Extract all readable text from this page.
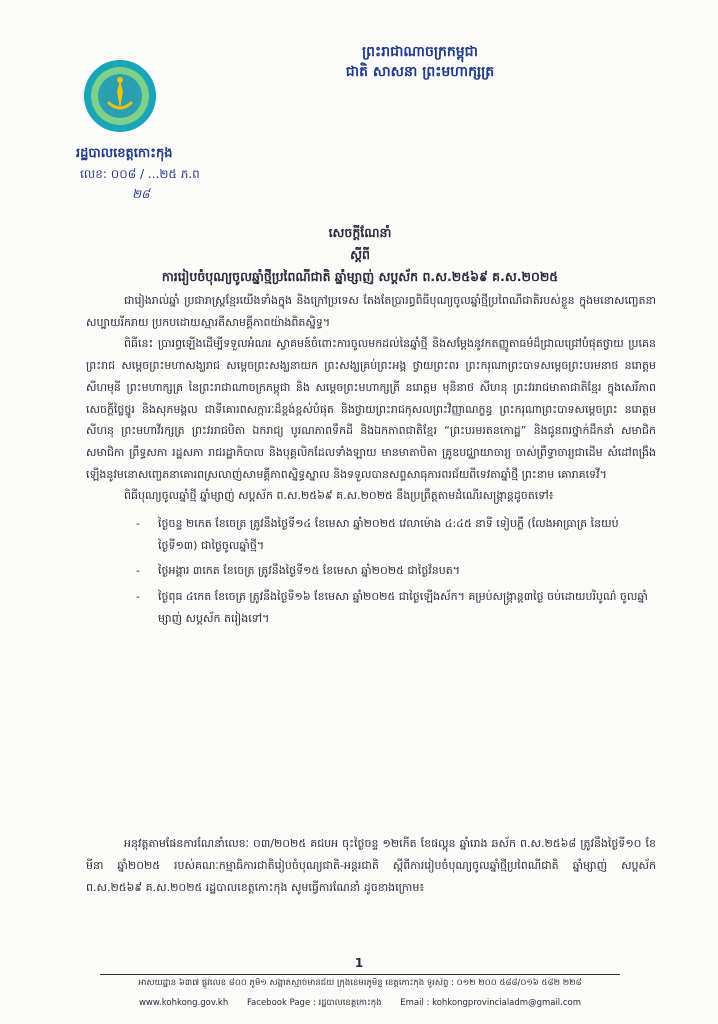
ព្រះរាជាណាចក្រកម្ពុជា
ជាតិ សាសនា ព្រះមហាក្សត្រ
រដ្ឋបាលខេត្តកោះកុង
លេខ: ០០៨ / ...២៥ ភ.ព
២៨
សេចក្តីណែនាំ
ស្តីពី
ការរៀបចំបុណ្យចូលឆ្នាំថ្មីប្រពៃណីជាតិ ឆ្នាំម្សាញ់ សប្តស័ក ព.ស.២៥៦៩ គ.ស.២០២៥

ជារៀងរាល់ឆ្នាំ ប្រជារាស្ត្រខ្មែរយើងទាំងក្នុង និងក្រៅប្រទេស តែងតែប្រារព្ធពិធីបុណ្យចូលឆ្នាំថ្មីប្រពៃណីជាតិរបស់ខ្លួន ក្នុងមនោសញ្ចេតនាសប្បាយរីករាយ ប្រកបដោយស្មារតីសាមគ្គីភាពយ៉ាងពិតស្និទ្ធ។

ពិធីនេះ ប្រារព្ធឡើងដើម្បីទទួលអំណរ ស្វាគមន៍ចំពោះការចូលមកដល់នៃឆ្នាំថ្មី និងសម្តែងនូវកតញ្ញូតាធម៌ដ៏ជ្រាលជ្រៅបំផុតថ្វាយ ប្រគេនព្រះរាជ សម្តេចព្រះមហាសង្ឃរាជ សម្តេចព្រះសង្ឃនាយក ព្រះសង្ឃគ្រប់ព្រះអង្គ ថ្វាយព្រះពរ ព្រះករុណាព្រះបាទសម្តេចព្រះបរមនាថ នរោត្តម សីហមុនី ព្រះមហាក្សត្រ នៃព្រះរាជាណាចក្រកម្ពុជា និង សម្តេចព្រះមហាក្សត្រី នរោត្តម មុនិនាថ សីហនុ ព្រះវររាជមាតាជាតិខ្មែរ ក្នុងសេរីភាព សេចក្តីថ្លៃថ្នូរ និងសុភមង្គល ជាទីគោរពសក្ការៈដ៏ខ្ពង់ខ្ពស់បំផុត និងថ្វាយព្រះរាជកុសលព្រះវិញ្ញាណក្ខន្ធ ព្រះករុណាព្រះបាទសម្តេចព្រះ នរោត្តម សីហនុ ព្រះមហាវីរក្សត្រ ព្រះវររាជបិតា ឯករាជ្យ បូរណភាពទឹកដី និងឯកភាពជាតិខ្មែរ “ព្រះបរមរតនកោដ្ឋ” និងជូនពរថ្នាក់ដឹកនាំ សមាជិក សមាជិកា ព្រឹទ្ធសភា រដ្ឋសភា រាជរដ្ឋាភិបាល និងបុគ្គលិកដែលទាំងឡាយ មានមាតាបិតា គ្រូឧបជ្ឈាយាចារ្យ ចាស់ព្រឹទ្ធាចារ្យជាដើម សំដៅពង្រឹងឡើងនូវមនោសញ្ចេតនាគោរពស្រលាញ់សាមគ្គីភាពស្និទ្ធស្នាល និងទទួលបានសព្ទសាធុការពរជ័យពីទេវតាឆ្នាំថ្មី ព្រះនាម គោរាគទេវី។

ពិធីបុណ្យចូលឆ្នាំថ្មី ឆ្នាំម្សាញ់ សប្តស័ក ព.ស.២៥៦៩ គ.ស.២០២៥ នឹងប្រព្រឹត្តតាមដំណើរសង្ក្រាន្តដូចតទៅ៖

- ថ្ងៃចន្ទ ២កេត ខែចេត្រ ត្រូវនឹងថ្ងៃទី១៤ ខែមេសា ឆ្នាំ២០២៥ វេលាម៉ោង ៤:៤៥ នាទី ទៀបភ្លឺ (លែងអាធ្រាត្រ នៃយប់ថ្ងៃទី១៣) ជាថ្ងៃចូលឆ្នាំថ្មី។
- ថ្ងៃអង្គារ ៣កេត ខែចេត្រ ត្រូវនឹងថ្ងៃទី១៥ ខែមេសា ឆ្នាំ២០២៥ ជាថ្ងៃវ័នបត។
- ថ្ងៃពុធ ៤កេត ខែចេត្រ ត្រូវនឹងថ្ងៃទី១៦ ខែមេសា ឆ្នាំ២០២៥ ជាថ្ងៃឡើងស័ក។ គម្រប់សង្ក្រាន្ត៣ថ្ងៃ ចប់ដោយបរិបូណ៌ ចូលឆ្នាំម្សាញ់ សប្តស័ក តរៀងទៅ។

អនុវត្តតាមផែនការណែនាំលេខៈ ០៣/២០២៥ គជបអ ចុះថ្ងៃចន្ទ ១២កើត ខែផល្គុន ឆ្នាំរោង ឆស័ក ព.ស.២៥៦៨ ត្រូវនឹងថ្ងៃទី១០ ខែមីនា ឆ្នាំ២០២៥ របស់គណៈកម្មាធិការជាតិរៀបចំបុណ្យជាតិ-អន្តរជាតិ ស្តីពីការរៀបចំបុណ្យចូលឆ្នាំថ្មីប្រពៃណីជាតិ ឆ្នាំម្សាញ់ សប្តស័ក ព.ស.២៥៦៩ គ.ស.២០២៥ រដ្ឋបាលខេត្តកោះកុង សូមធ្វើការណែនាំ ដូចខាងក្រោម៖

1
អាសយដ្ឋាន ៦៣៧ ផ្លូវលេខ ៨០០ ភូមិ១ សង្កាត់ស្មាច់មានជ័យ ក្រុងខេមរភូមិន្ទ ខេត្តកោះកុង ទូរស័ព្ទ : ០១២ ២០០ ៥៨៨/០១៦ ៥៨២ ២២៨
www.kohkong.gov.kh Facebook Page : រដ្ឋបាលខេត្តកោះកុង Email : kohkongprovincialadm@gmail.com
